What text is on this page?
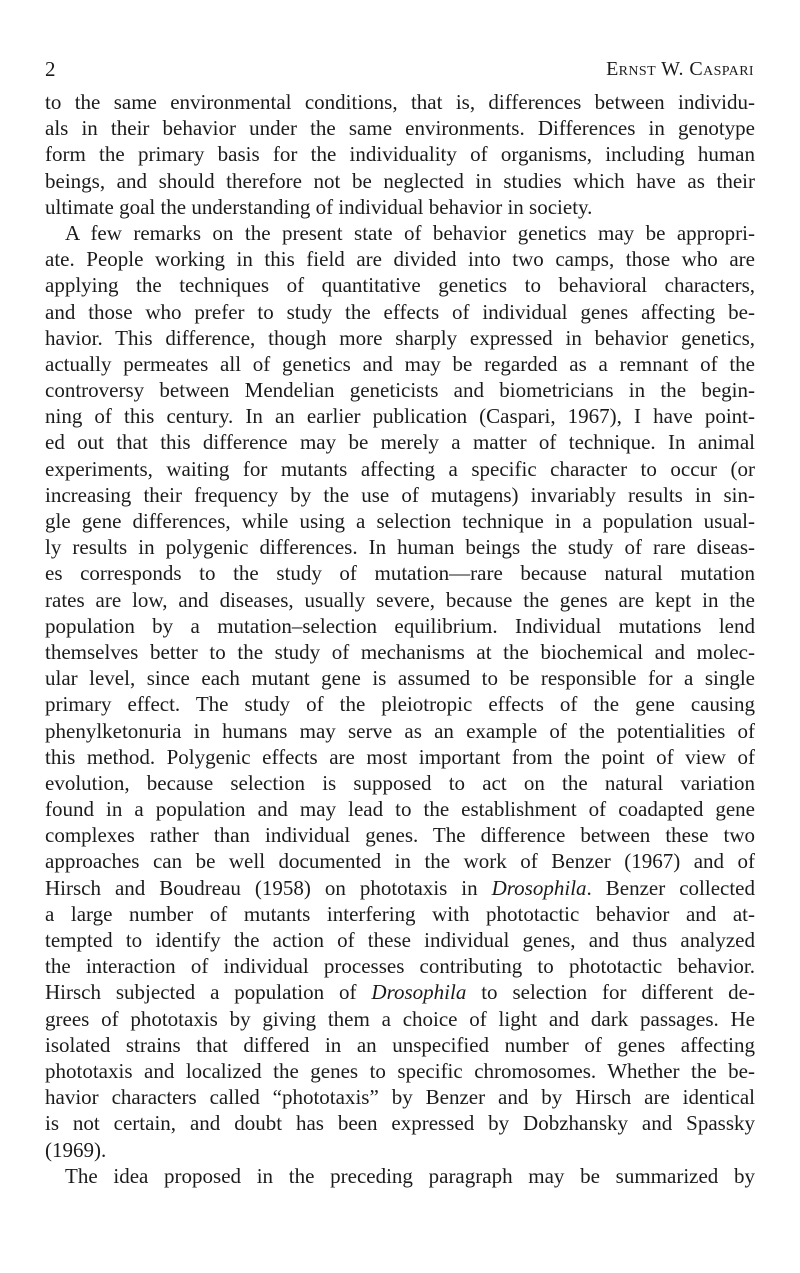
2	Ernst W. Caspari
to the same environmental conditions, that is, differences between individu-
als in their behavior under the same environments. Differences in genotype
form the primary basis for the individuality of organisms, including human
beings, and should therefore not be neglected in studies which have as their
ultimate goal the understanding of individual behavior in society.
A few remarks on the present state of behavior genetics may be appropri-
ate. People working in this field are divided into two camps, those who are
applying the techniques of quantitative genetics to behavioral characters,
and those who prefer to study the effects of individual genes affecting be-
havior. This difference, though more sharply expressed in behavior genetics,
actually permeates all of genetics and may be regarded as a remnant of the
controversy between Mendelian geneticists and biometricians in the begin-
ning of this century. In an earlier publication (Caspari, 1967), I have point-
ed out that this difference may be merely a matter of technique. In animal
experiments, waiting for mutants affecting a specific character to occur (or
increasing their frequency by the use of mutagens) invariably results in sin-
gle gene differences, while using a selection technique in a population usual-
ly results in polygenic differences. In human beings the study of rare diseas-
es corresponds to the study of mutation—rare because natural mutation
rates are low, and diseases, usually severe, because the genes are kept in the
population by a mutation–selection equilibrium. Individual mutations lend
themselves better to the study of mechanisms at the biochemical and molec-
ular level, since each mutant gene is assumed to be responsible for a single
primary effect. The study of the pleiotropic effects of the gene causing
phenylketonuria in humans may serve as an example of the potentialities of
this method. Polygenic effects are most important from the point of view of
evolution, because selection is supposed to act on the natural variation
found in a population and may lead to the establishment of coadapted gene
complexes rather than individual genes. The difference between these two
approaches can be well documented in the work of Benzer (1967) and of
Hirsch and Boudreau (1958) on phototaxis in Drosophila. Benzer collected
a large number of mutants interfering with phototactic behavior and at-
tempted to identify the action of these individual genes, and thus analyzed
the interaction of individual processes contributing to phototactic behavior.
Hirsch subjected a population of Drosophila to selection for different de-
grees of phototaxis by giving them a choice of light and dark passages. He
isolated strains that differed in an unspecified number of genes affecting
phototaxis and localized the genes to specific chromosomes. Whether the be-
havior characters called “phototaxis” by Benzer and by Hirsch are identical
is not certain, and doubt has been expressed by Dobzhansky and Spassky
(1969).
The idea proposed in the preceding paragraph may be summarized by
